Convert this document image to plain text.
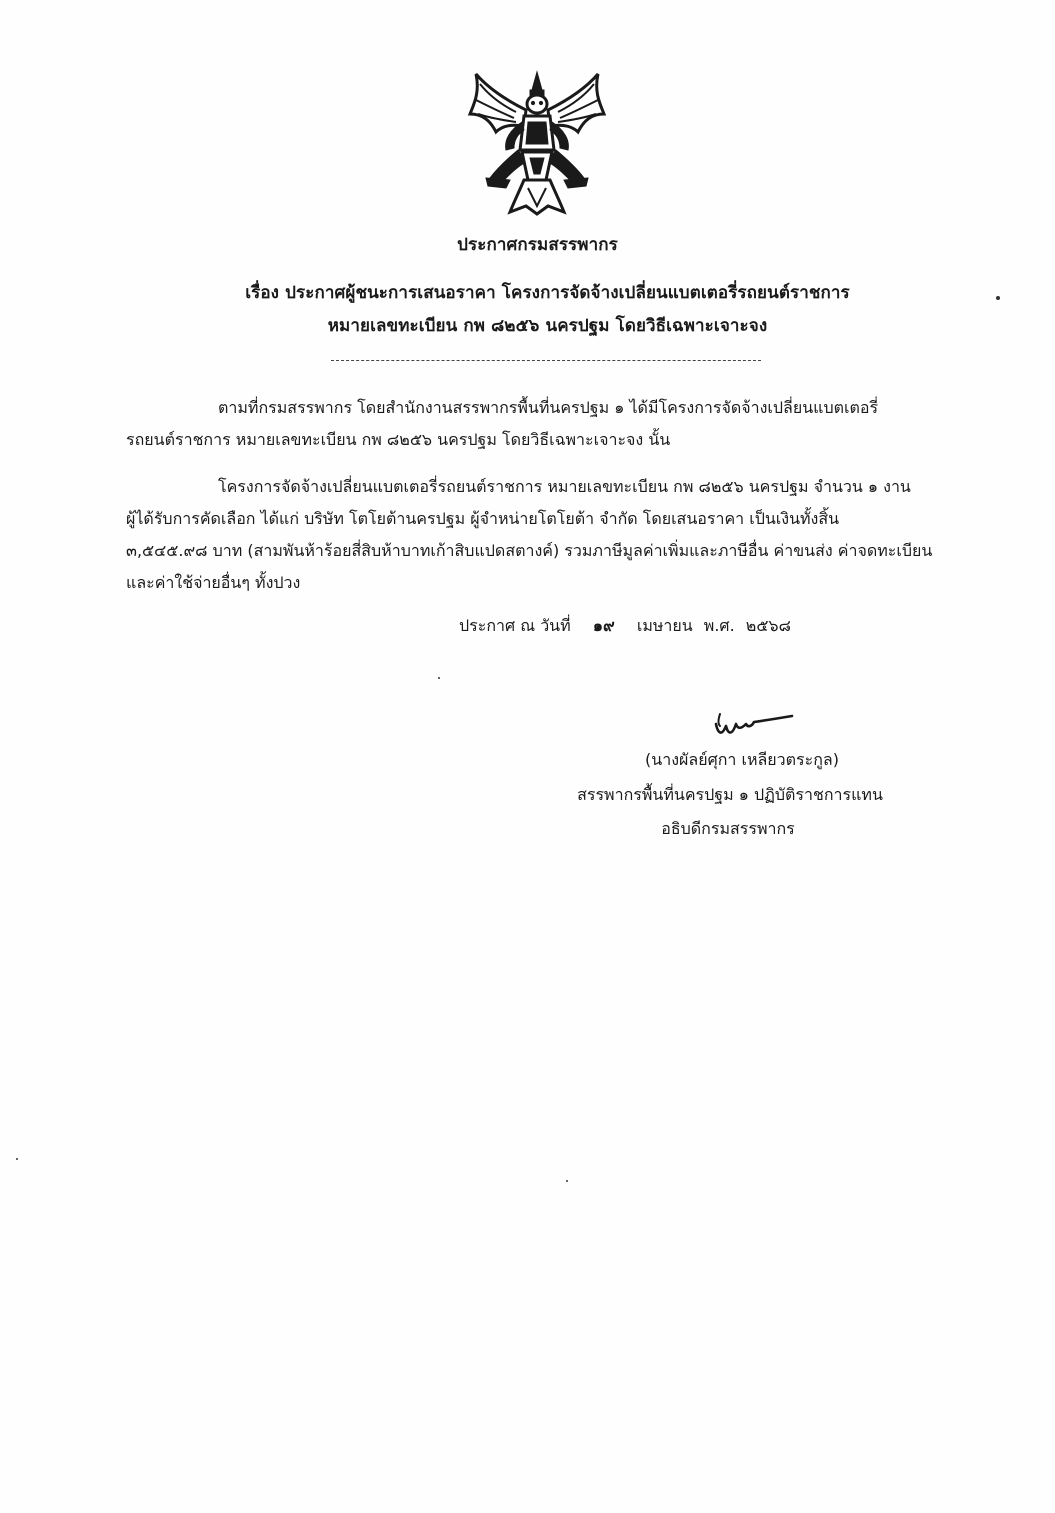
ประกาศกรมสรรพากร
เรื่อง ประกาศผู้ชนะการเสนอราคา โครงการจัดจ้างเปลี่ยนแบตเตอรี่รถยนต์ราชการ
หมายเลขทะเบียน กพ ๘๒๕๖ นครปฐม โดยวิธีเฉพาะเจาะจง
ตามที่กรมสรรพากร โดยสำนักงานสรรพากรพื้นที่นครปฐม ๑ ได้มีโครงการจัดจ้างเปลี่ยนแบตเตอรี่
รถยนต์ราชการ หมายเลขทะเบียน กพ ๘๒๕๖ นครปฐม โดยวิธีเฉพาะเจาะจง นั้น
โครงการจัดจ้างเปลี่ยนแบตเตอรี่รถยนต์ราชการ หมายเลขทะเบียน กพ ๘๒๕๖ นครปฐม จำนวน ๑ งาน
ผู้ได้รับการคัดเลือก ได้แก่ บริษัท โตโยต้านครปฐม ผู้จำหน่ายโตโยต้า จำกัด โดยเสนอราคา เป็นเงินทั้งสิ้น
๓,๕๔๕.๙๘ บาท (สามพันห้าร้อยสี่สิบห้าบาทเก้าสิบแปดสตางค์) รวมภาษีมูลค่าเพิ่มและภาษีอื่น ค่าขนส่ง ค่าจดทะเบียน
และค่าใช้จ่ายอื่นๆ ทั้งปวง
ประกาศ ณ วันที่ ๑๙ เมษายน พ.ศ. ๒๕๖๘
(นางผัลย์ศุกา เหลียวตระกูล)
สรรพากรพื้นที่นครปฐม ๑ ปฏิบัติราชการแทน
อธิบดีกรมสรรพากร
